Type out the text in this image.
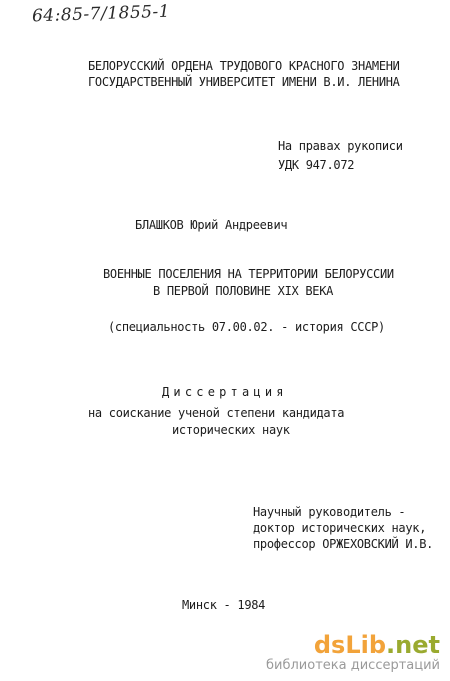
64:85-7/1855-1
БЕЛОРУССКИЙ ОРДЕНА ТРУДОВОГО КРАСНОГО ЗНАМЕНИ
ГОСУДАРСТВЕННЫЙ УНИВЕРСИТЕТ ИМЕНИ В.И. ЛЕНИНА
На правах рукописи
УДК 947.072
БЛАШКОВ Юрий Андреевич
ВОЕННЫЕ ПОСЕЛЕНИЯ НА ТЕРРИТОРИИ БЕЛОРУССИИ
В ПЕРВОЙ ПОЛОВИНЕ XIX ВЕКА
(специальность 07.00.02. - история СССР)
Диссертация
на соискание ученой степени кандидата
исторических наук
Научный руководитель -
доктор исторических наук,
профессор ОРЖЕХОВСКИЙ И.В.
Минск - 1984
dsLib.net
библиотека диссертаций
